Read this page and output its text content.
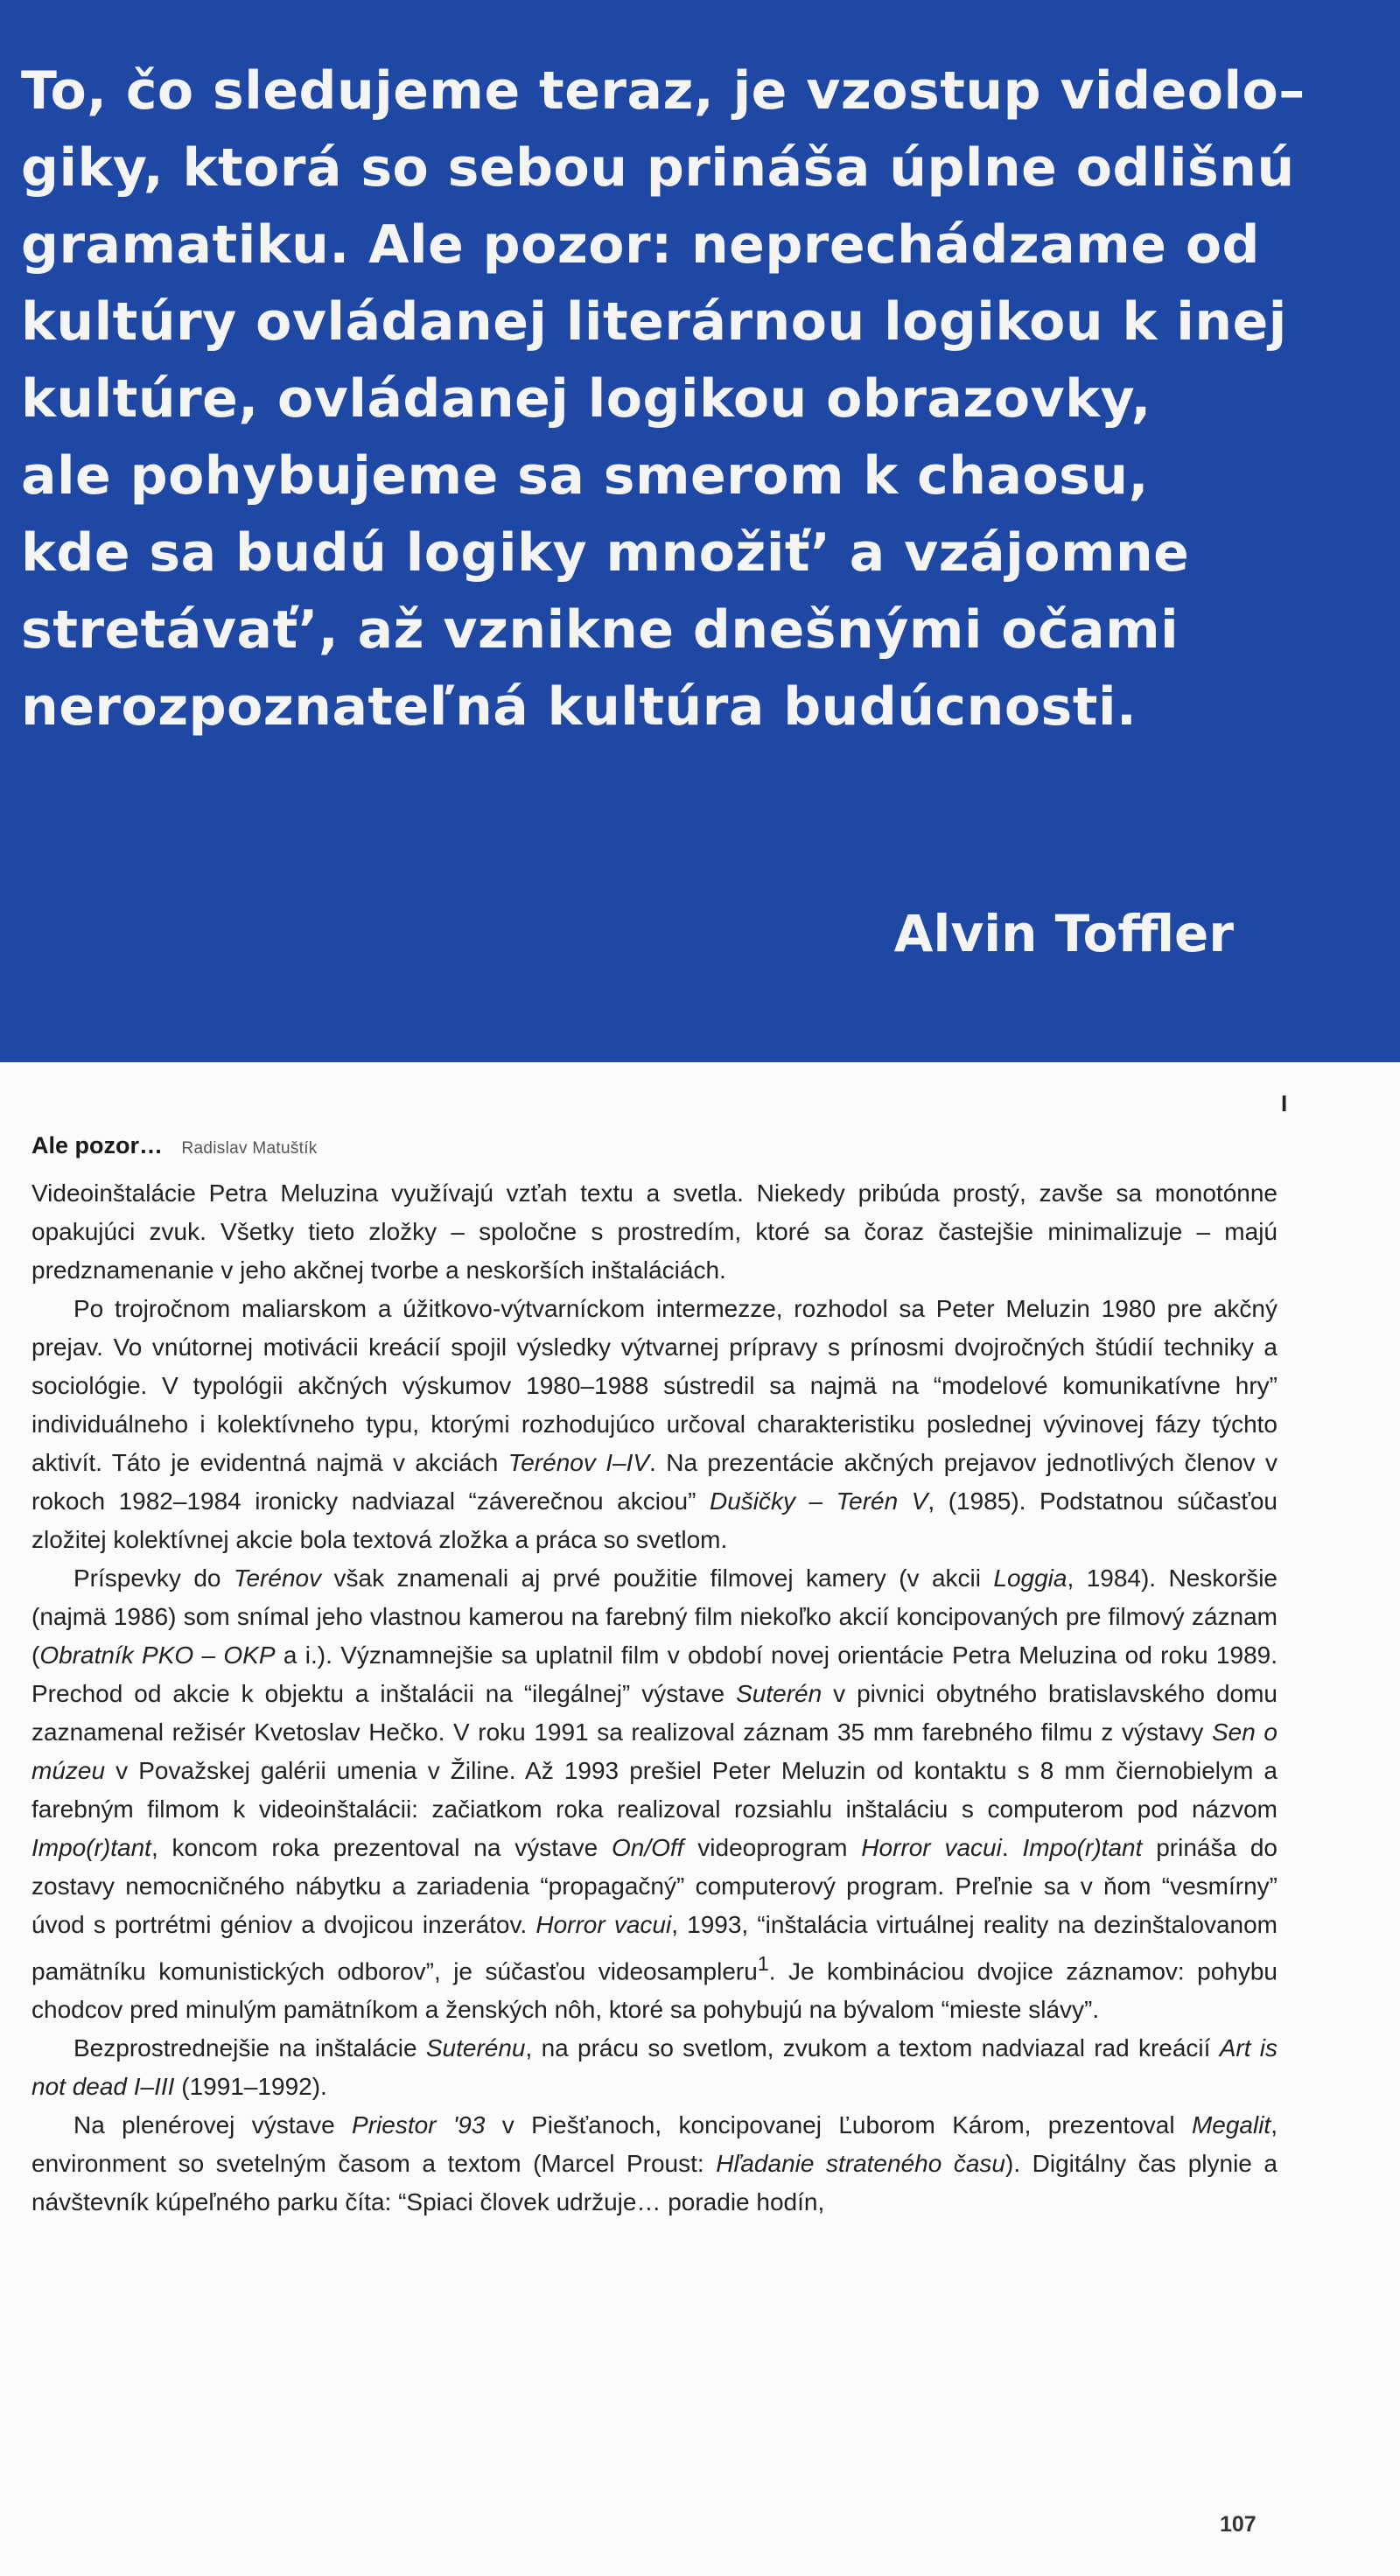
To, čo sledujeme teraz, je vzostup videolo–
giky, ktorá so sebou prináša úplne odlišnú
gramatiku. Ale pozor: neprechádzame od
kultúry ovládanej literárnou logikou k inej
kultúre, ovládanej logikou obrazovky,
ale pohybujeme sa smerom k chaosu,
kde sa budú logiky množiť’ a vzájomne
stretávať’, až vznikne dnešnými očami
nerozpoznateľná kultúra budúcnosti.

Alvin Toffler

I

Ale pozor… Radislav Matuštík

Videoinštalácie Petra Meluzina využívajú vzťah textu a svetla. Niekedy pribúda prostý, zavše sa monotónne opakujúci zvuk. Všetky tieto zložky – spoločne s prostredím, ktoré sa čoraz častejšie minimalizuje – majú predznamenanie v jeho akčnej tvorbe a neskorších inštaláciách.

Po trojročnom maliarskom a úžitkovo-výtvarníckom intermezze, rozhodol sa Peter Meluzin 1980 pre akčný prejav. Vo vnútornej motivácii kreácií spojil výsledky výtvarnej prípravy s prínosmi dvojročných štúdií techniky a sociológie. V typológii akčných výskumov 1980–1988 sústredil sa najmä na “modelové komunikatívne hry” individuálneho i kolektívneho typu, ktorými rozhodujúco určoval charakteristiku poslednej vývinovej fázy týchto aktivít. Táto je evidentná najmä v akciách Terénov I–IV. Na prezentácie akčných prejavov jednotlivých členov v rokoch 1982–1984 ironicky nadviazal “záverečnou akciou” Dušičky – Terén V, (1985). Podstatnou súčasťou zložitej kolektívnej akcie bola textová zložka a práca so svetlom.

Príspevky do Terénov však znamenali aj prvé použitie filmovej kamery (v akcii Loggia, 1984). Neskoršie (najmä 1986) som snímal jeho vlastnou kamerou na farebný film niekoľko akcií koncipovaných pre filmový záznam (Obratník PKO – OKP a i.). Významnejšie sa uplatnil film v období novej orientácie Petra Meluzina od roku 1989. Prechod od akcie k objektu a inštalácii na “ilegálnej” výstave Suterén v pivnici obytného bratislavského domu zaznamenal režisér Kvetoslav Hečko. V roku 1991 sa realizoval záznam 35 mm farebného filmu z výstavy Sen o múzeu v Považskej galérii umenia v Žiline. Až 1993 prešiel Peter Meluzin od kontaktu s 8 mm čiernobielym a farebným filmom k videoinštalácii: začiatkom roka realizoval rozsiahlu inštaláciu s computerom pod názvom Impo(r)tant, koncom roka prezentoval na výstave On/Off videoprogram Horror vacui. Impo(r)tant prináša do zostavy nemocničného nábytku a zariadenia “propagačný” computerový program. Preľnie sa v ňom “vesmírny” úvod s portrétmi géniov a dvojicou inzerátov. Horror vacui, 1993, “inštalácia virtuálnej reality na dezinštalovanom pamätníku komunistických odborov”, je súčasťou videosampleru$^1$. Je kombináciou dvojice záznamov: pohybu chodcov pred minulým pamätníkom a ženských nôh, ktoré sa pohybujú na bývalom “mieste slávy”.

Bezprostrednejšie na inštalácie Suterénu, na prácu so svetlom, zvukom a textom nadviazal rad kreácií Art is not dead I–III (1991–1992).

Na plenérovej výstave Priestor '93 v Piešťanoch, koncipovanej Ľuborom Károm, prezentoval Megalit, environment so svetelným časom a textom (Marcel Proust: Hľadanie strateného času). Digitálny čas plynie a návštevník kúpeľného parku číta: “Spiaci človek udržuje… poradie hodín,

107
